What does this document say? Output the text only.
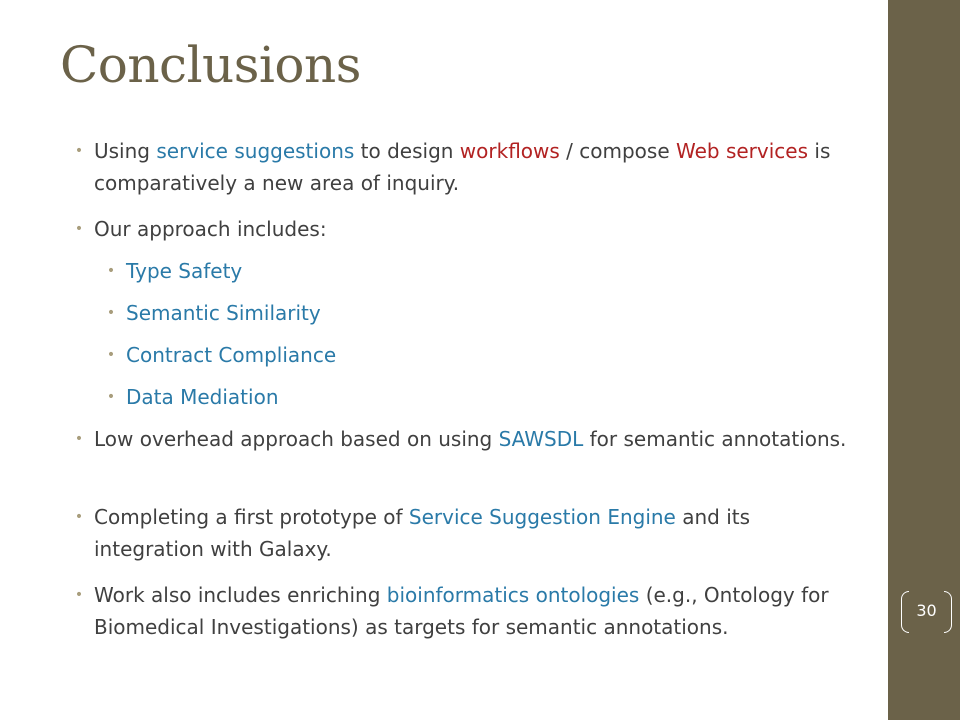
Conclusions
• Using service suggestions to design workflows / compose Web services is comparatively a new area of inquiry.
• Our approach includes:
• Type Safety
• Semantic Similarity
• Contract Compliance
• Data Mediation
• Low overhead approach based on using SAWSDL for semantic annotations.
• Completing a first prototype of Service Suggestion Engine and its integration with Galaxy.
• Work also includes enriching bioinformatics ontologies (e.g., Ontology for Biomedical Investigations) as targets for semantic annotations.
30
